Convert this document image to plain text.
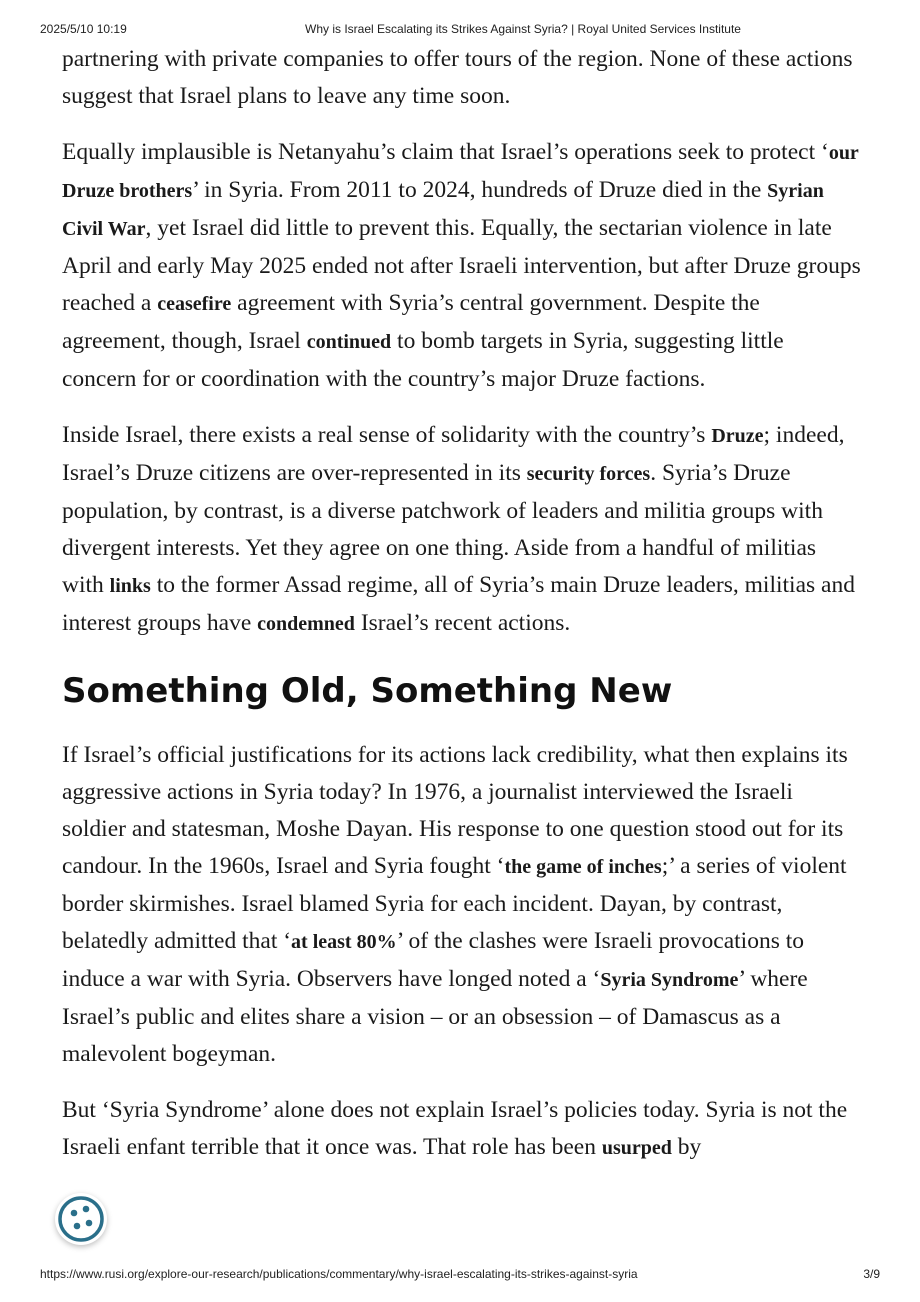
2025/5/10 10:19	Why is Israel Escalating its Strikes Against Syria? | Royal United Services Institute

partnering with private companies to offer tours of the region. None of these actions suggest that Israel plans to leave any time soon.

Equally implausible is Netanyahu’s claim that Israel’s operations seek to protect ‘our Druze brothers’ in Syria. From 2011 to 2024, hundreds of Druze died in the Syrian Civil War, yet Israel did little to prevent this. Equally, the sectarian violence in late April and early May 2025 ended not after Israeli intervention, but after Druze groups reached a ceasefire agreement with Syria’s central government. Despite the agreement, though, Israel continued to bomb targets in Syria, suggesting little concern for or coordination with the country’s major Druze factions.

Inside Israel, there exists a real sense of solidarity with the country’s Druze; indeed, Israel’s Druze citizens are over-represented in its security forces. Syria’s Druze population, by contrast, is a diverse patchwork of leaders and militia groups with divergent interests. Yet they agree on one thing. Aside from a handful of militias with links to the former Assad regime, all of Syria’s main Druze leaders, militias and interest groups have condemned Israel’s recent actions.

Something Old, Something New

If Israel’s official justifications for its actions lack credibility, what then explains its aggressive actions in Syria today? In 1976, a journalist interviewed the Israeli soldier and statesman, Moshe Dayan. His response to one question stood out for its candour. In the 1960s, Israel and Syria fought ‘the game of inches;’ a series of violent border skirmishes. Israel blamed Syria for each incident. Dayan, by contrast, belatedly admitted that ‘at least 80%’ of the clashes were Israeli provocations to induce a war with Syria. Observers have longed noted a ‘Syria Syndrome’ where Israel’s public and elites share a vision – or an obsession – of Damascus as a malevolent bogeyman.

But ‘Syria Syndrome’ alone does not explain Israel’s policies today. Syria is not the Israeli enfant terrible that it once was. That role has been usurped by

https://www.rusi.org/explore-our-research/publications/commentary/why-israel-escalating-its-strikes-against-syria	3/9
